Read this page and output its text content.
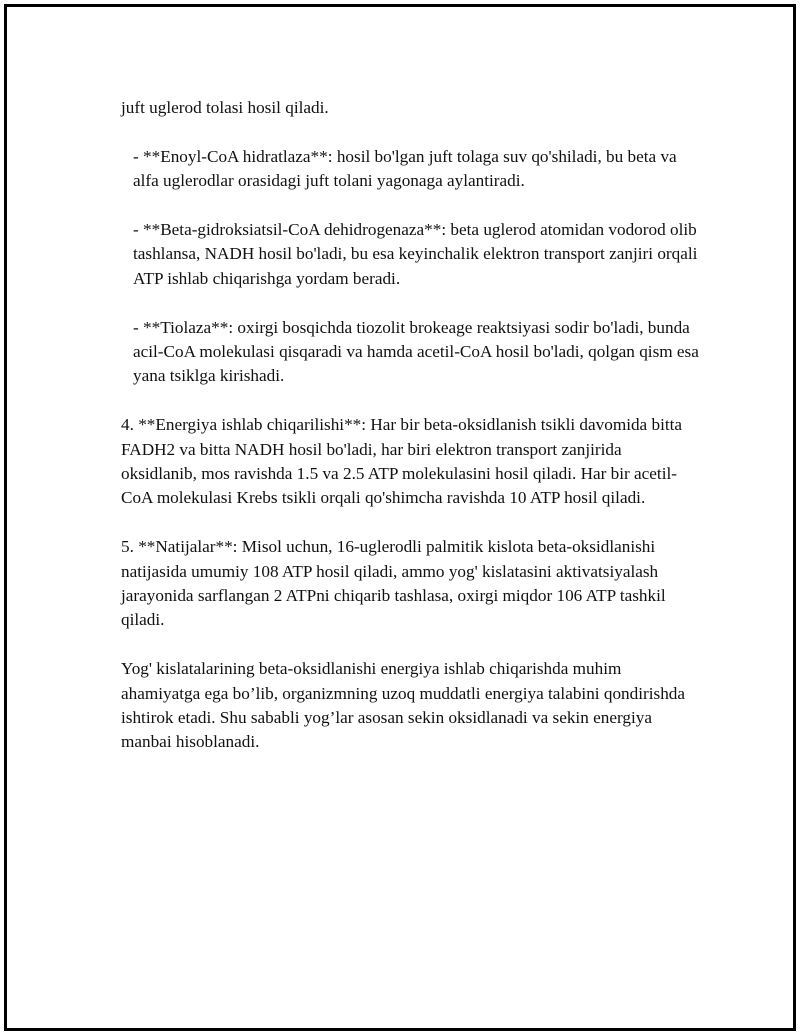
juft uglerod tolasi hosil qiladi.

- **Enoyl-CoA hidratlaza**: hosil bo'lgan juft tolaga suv qo'shiladi, bu beta va alfa uglerodlar orasidagi juft tolani yagonaga aylantiradi.

- **Beta-gidroksiatsil-CoA dehidrogenaza**: beta uglerod atomidan vodorod olib tashlansa, NADH hosil bo'ladi, bu esa keyinchalik elektron transport zanjiri orqali ATP ishlab chiqarishga yordam beradi.

- **Tiolaza**: oxirgi bosqichda tiozolit brokeage reaktsiyasi sodir bo'ladi, bunda acil-CoA molekulasi qisqaradi va hamda acetil-CoA hosil bo'ladi, qolgan qism esa yana tsiklga kirishadi.

4. **Energiya ishlab chiqarilishi**: Har bir beta-oksidlanish tsikli davomida bitta FADH2 va bitta NADH hosil bo'ladi, har biri elektron transport zanjirida oksidlanib, mos ravishda 1.5 va 2.5 ATP molekulasini hosil qiladi. Har bir acetil-CoA molekulasi Krebs tsikli orqali qo'shimcha ravishda 10 ATP hosil qiladi.

5. **Natijalar**: Misol uchun, 16-uglerodli palmitik kislota beta-oksidlanishi natijasida umumiy 108 ATP hosil qiladi, ammo yog' kislatasini aktivatsiyalash jarayonida sarflangan 2 ATPni chiqarib tashlasa, oxirgi miqdor 106 ATP tashkil qiladi.

Yog' kislatalarining beta-oksidlanishi energiya ishlab chiqarishda muhim ahamiyatga ega bo’lib, organizmning uzoq muddatli energiya talabini qondirishda ishtirok etadi. Shu sababli yog’lar asosan sekin oksidlanadi va sekin energiya manbai hisoblanadi.
